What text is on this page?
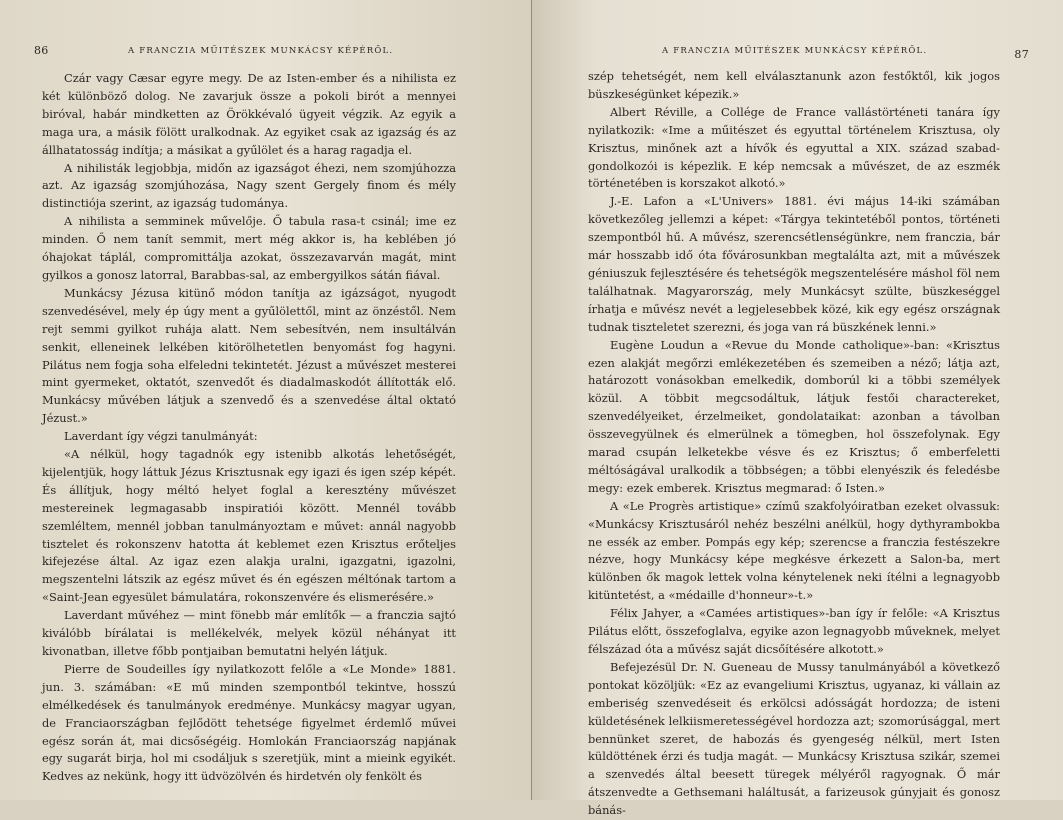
86	A FRANCZIA MŰITÉSZEK MUNKÁCSY KÉPÉRŐL.

Czár vagy Cæsar egyre megy. De az Isten-ember és a nihilista ez két különböző dolog. Ne zavarjuk össze a pokoli birót a mennyei biróval, habár mindketten az Örökkévaló ügyeit végzik. Az egyik a maga ura, a másik fölött uralkodnak. Az egyiket csak az igazság és az állhatatosság indítja; a másikat a gyűlölet és a harag ragadja el.

A nihilisták legjobbja, midőn az igazságot éhezi, nem szomjúhozza azt. Az igazság szomjúhozása, Nagy szent Gergely finom és mély distinctiója szerint, az igazság tudománya.

A nihilista a semminek művelője. Ő tabula rasa-t csinál; ime ez minden. Ő nem tanít semmit, mert még akkor is, ha keblében jó óhajokat táplál, compromittálja azokat, összezavarván magát, mint gyilkos a gonosz latorral, Barabbas-sal, az embergyilkos sátán fiával.

Munkácsy Jézusa kitünő módon tanítja az igázságot, nyugodt szenvedésével, mely ép úgy ment a gyűlölettől, mint az önzéstől. Nem rejt semmi gyilkot ruhája alatt. Nem sebesítvén, nem insultálván senkit, elleneinek lelkében kitörölhetetlen benyomást fog hagyni. Pilátus nem fogja soha elfeledni tekintetét. Jézust a művészet mesterei mint gyermeket, oktatót, szenvedőt és diadalmaskodót állították elő. Munkácsy művében látjuk a szenvedő és a szenvedése által oktató Jézust.»

Laverdant így végzi tanulmányát:

«A nélkül, hogy tagadnók egy istenibb alkotás lehetőségét, kijelentjük, hogy láttuk Jézus Krisztusnak egy igazi és igen szép képét. És állítjuk, hogy méltó helyet foglal a keresztény művészet mestereinek legmagasabb inspiratiói között. Mennél tovább szemléltem, mennél jobban tanulmányoztam e művet: annál nagyobb tisztelet és rokonszenv hatotta át keblemet ezen Krisztus erőteljes kifejezése által. Az igaz ezen alakja uralni, igazgatni, igazolni, megszentelni látszik az egész művet és én egészen méltónak tartom a «Saint-Jean egyesület bámulatára, rokonszenvére és elismerésére.»

Laverdant művéhez — mint fönebb már említők — a franczia sajtó kiválóbb bírálatai is mellékelvék, melyek közül néhányat itt kivonatban, illetve főbb pontjaiban bemutatni helyén látjuk.

Pierre de Soudeilles így nyilatkozott felőle a «Le Monde» 1881. jun. 3. számában: «E mű minden szempontból tekintve, hosszú elmélkedések és tanulmányok eredménye. Munkácsy magyar ugyan, de Franciaországban fejlődött tehetsége figyelmet érdemlő művei egész során át, mai dicsőségéig. Homlokán Franciaország napjának egy sugarát birja, hol mi csodáljuk s szeretjük, mint a mieink egyikét. Kedves az nekünk, hogy itt üdvözölvén és hirdetvén oly fenkölt és

A FRANCZIA MŰITÉSZEK MUNKÁCSY KÉPÉRŐL.	87

szép tehetségét, nem kell elválasztanunk azon festőktől, kik jogos büszkeségünket képezik.»

Albert Réville, a Collége de France vallástörténeti tanára így nyilatkozik: «Ime a műitészet és egyuttal történelem Krisztusa, oly Krisztus, minőnek azt a hívők és egyuttal a XIX. század szabad-gondolkozói is képezlik. E kép nemcsak a művészet, de az eszmék történetében is korszakot alkotó.»

J.-E. Lafon a «L'Univers» 1881. évi május 14-iki számában következőleg jellemzi a képet: «Tárgya tekintetéből pontos, történeti szempontból hű. A művész, szerencsétlenségünkre, nem franczia, bár már hosszabb idő óta fővárosunkban megtalálta azt, mit a művészek géniuszuk fejlesztésére és tehetségök megszentelésére máshol föl nem találhatnak. Magyarország, mely Munkácsyt szülte, büszkeséggel írhatja e művész nevét a legjelesebbek közé, kik egy egész országnak tudnak tiszteletet szerezni, és joga van rá büszkének lenni.»

Eugène Loudun a «Revue du Monde catholique»-ban: «Krisztus ezen alakját megőrzi emlékezetében és szemeiben a néző; látja azt, határozott vonásokban emelkedik, domborúl ki a többi személyek közül. A többit megcsodáltuk, látjuk festői charactereket, szenvedélyeiket, érzelmeiket, gondolataikat: azonban a távolban összevegyülnek és elmerülnek a tömegben, hol összefolynak. Egy marad csupán lelketekbe vésve és ez Krisztus; ő emberfeletti méltóságával uralkodik a többségen; a többi elenyészik és feledésbe megy: ezek emberek. Krisztus megmarad: ő Isten.»

A «Le Progrès artistique» czímű szakfolyóiratban ezeket olvassuk: «Munkácsy Krisztusáról nehéz beszélni anélkül, hogy dythyrambokba ne essék az ember. Pompás egy kép; szerencse a franczia festészekre nézve, hogy Munkácsy képe megkésve érkezett a Salon-ba, mert különben ők magok lettek volna kénytelenek neki ítélni a legnagyobb kitüntetést, a «médaille d'honneur»-t.»

Félix Jahyer, a «Camées artistiques»-ban így ír felőle: «A Krisztus Pilátus előtt, összefoglalva, egyike azon legnagyobb műveknek, melyet félszázad óta a művész saját dicsőítésére alkotott.»

Befejezésül Dr. N. Gueneau de Mussy tanulmányából a következő pontokat közöljük: «Ez az evangeliumi Krisztus, ugyanaz, ki vállain az emberiség szenvedéseit és erkölcsi adósságát hordozza; de isteni küldetésének lelkiismeretességével hordozza azt; szomorúsággal, mert bennünket szeret, de habozás és gyengeség nélkül, mert Isten küldöttének érzi és tudja magát. — Munkácsy Krisztusa szikár, szemei a szenvedés által beesett türegek mélyéről ragyognak. Ő már átszenvedte a Gethsemani haláltusát, a farizeusok gúnyjait és gonosz bánás-
